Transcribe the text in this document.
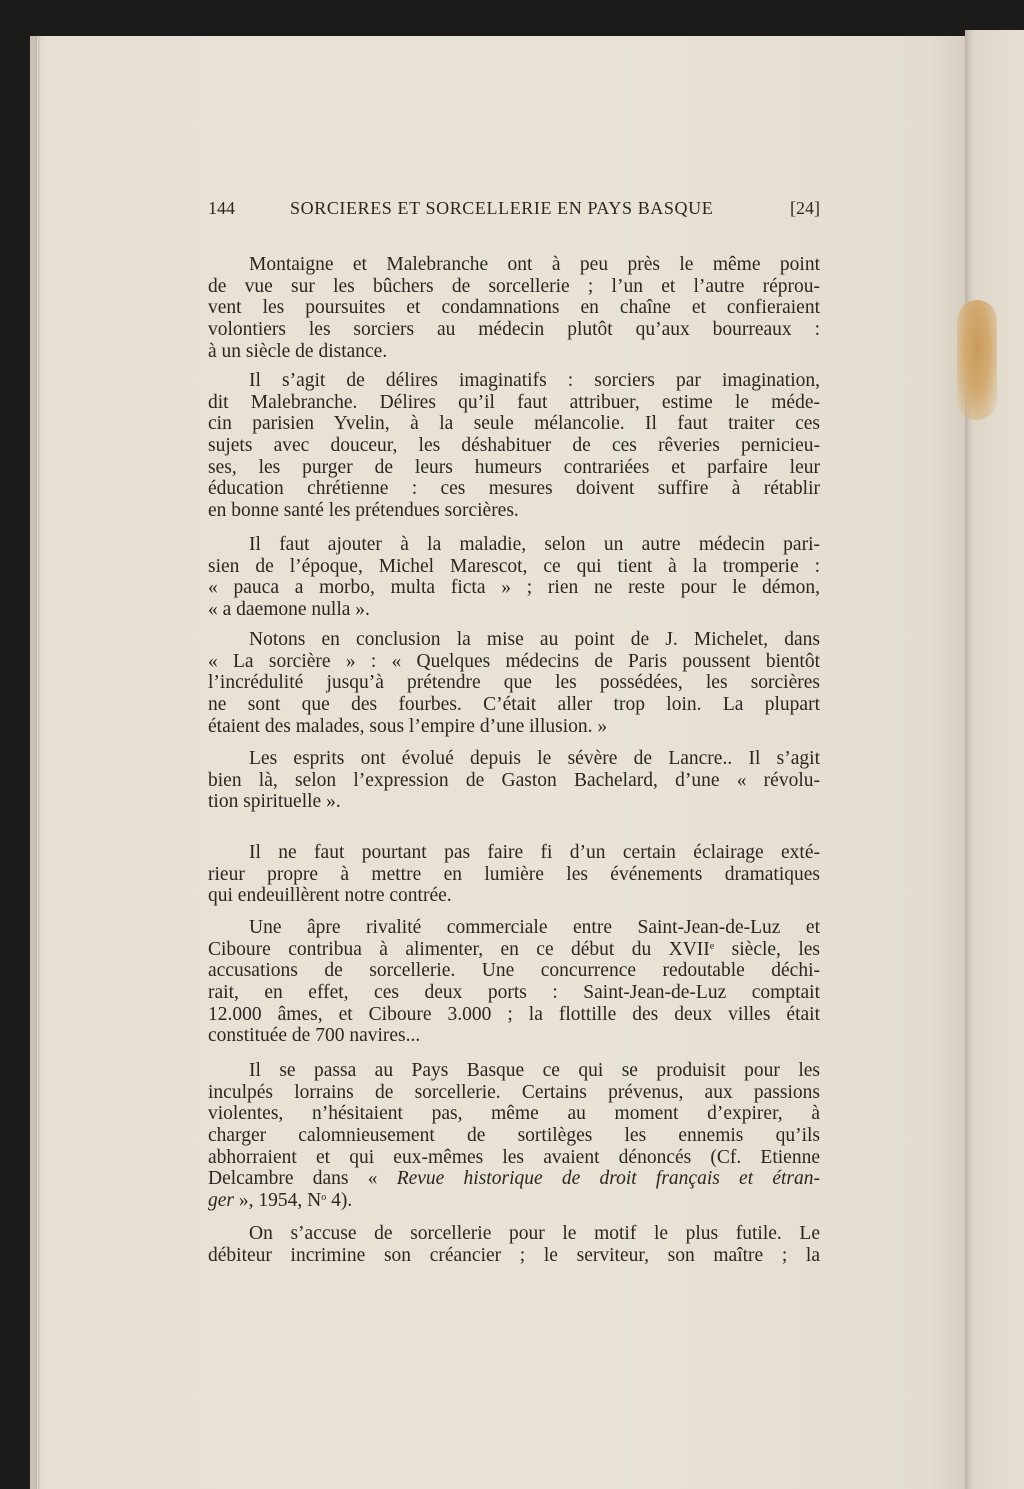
144	SORCIERES ET SORCELLERIE EN PAYS BASQUE	[24]
Montaigne et Malebranche ont à peu près le même point
de vue sur les bûchers de sorcellerie ; l’un et l’autre réprou-
vent les poursuites et condamnations en chaîne et confieraient
volontiers les sorciers au médecin plutôt qu’aux bourreaux :
à un siècle de distance.
Il s’agit de délires imaginatifs : sorciers par imagination,
dit Malebranche. Délires qu’il faut attribuer, estime le méde-
cin parisien Yvelin, à la seule mélancolie. Il faut traiter ces
sujets avec douceur, les déshabituer de ces rêveries pernicieu-
ses, les purger de leurs humeurs contrariées et parfaire leur
éducation chrétienne : ces mesures doivent suffire à rétablir
en bonne santé les prétendues sorcières.
Il faut ajouter à la maladie, selon un autre médecin pari-
sien de l’époque, Michel Marescot, ce qui tient à la tromperie :
« pauca a morbo, multa ficta » ; rien ne reste pour le démon,
« a daemone nulla ».
Notons en conclusion la mise au point de J. Michelet, dans
« La sorcière » : « Quelques médecins de Paris poussent bientôt
l’incrédulité jusqu’à prétendre que les possédées, les sorcières
ne sont que des fourbes. C’était aller trop loin. La plupart
étaient des malades, sous l’empire d’une illusion. »
Les esprits ont évolué depuis le sévère de Lancre.. Il s’agit
bien là, selon l’expression de Gaston Bachelard, d’une « révolu-
tion spirituelle ».
Il ne faut pourtant pas faire fi d’un certain éclairage exté-
rieur propre à mettre en lumière les événements dramatiques
qui endeuillèrent notre contrée.
Une âpre rivalité commerciale entre Saint-Jean-de-Luz et
Ciboure contribua à alimenter, en ce début du XVIIe siècle, les
accusations de sorcellerie. Une concurrence redoutable déchi-
rait, en effet, ces deux ports : Saint-Jean-de-Luz comptait
12.000 âmes, et Ciboure 3.000 ; la flottille des deux villes était
constituée de 700 navires...
Il se passa au Pays Basque ce qui se produisit pour les
inculpés lorrains de sorcellerie. Certains prévenus, aux passions
violentes, n’hésitaient pas, même au moment d’expirer, à
charger calomnieusement de sortilèges les ennemis qu’ils
abhorraient et qui eux-mêmes les avaient dénoncés (Cf. Etienne
Delcambre dans « Revue historique de droit français et étran-
ger », 1954, $N^o$ 4).
On s’accuse de sorcellerie pour le motif le plus futile. Le
débiteur incrimine son créancier ; le serviteur, son maître ; la
